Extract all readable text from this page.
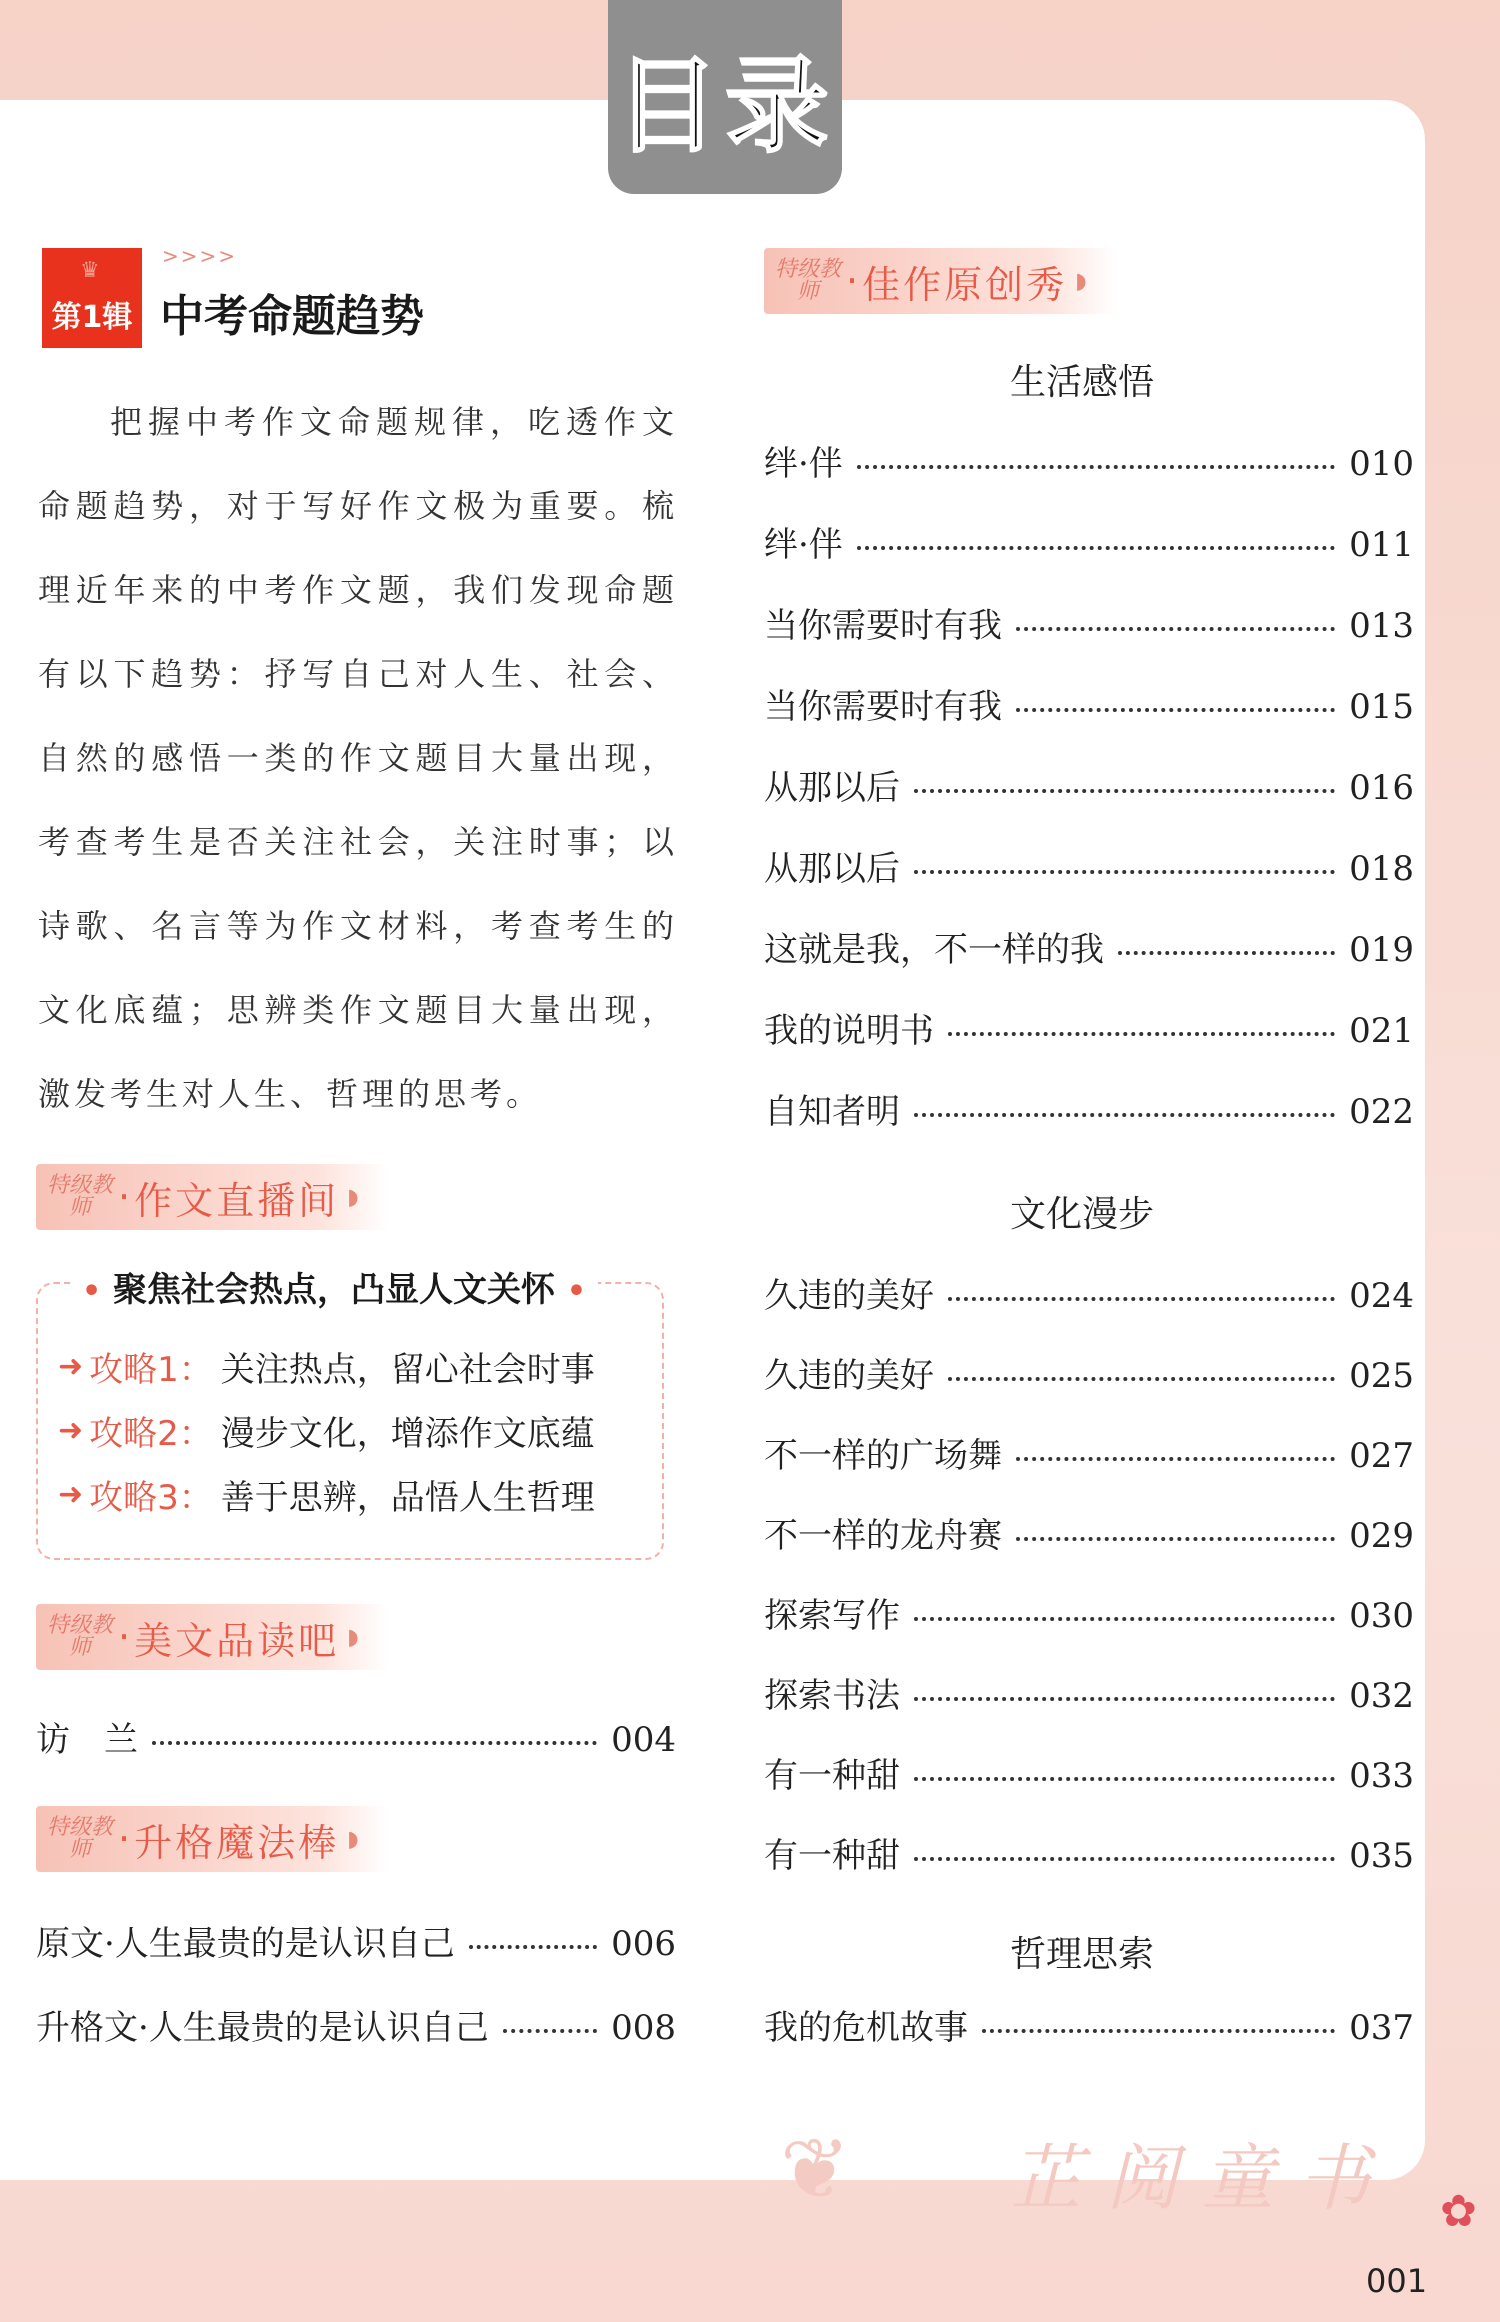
目录
♛
第1辑
>>>>
中考命题趋势
把握中考作文命题规律，吃透作文命题趋势，对于写好作文极为重要。梳理近年来的中考作文题，我们发现命题有以下趋势：抒写自己对人生、社会、自然的感悟一类的作文题目大量出现，考查考生是否关注社会，关注时事；以诗歌、名言等为作文材料，考查考生的文化底蕴；思辨类作文题目大量出现，激发考生对人生、哲理的思考。
特级教师 · 作文直播间 ◗
• 聚焦社会热点，凸显人文关怀 •
➜ 攻略1： 关注热点，留心社会时事
➜ 攻略2： 漫步文化，增添作文底蕴
➜ 攻略3： 善于思辨，品悟人生哲理
特级教师 · 美文品读吧 ◗
访　兰	004
特级教师 · 升格魔法棒 ◗
原文·人生最贵的是认识自己	006
升格文·人生最贵的是认识自己	008
特级教师 · 佳作原创秀 ◗
生活感悟
绊·伴	010
绊·伴	011
当你需要时有我	013
当你需要时有我	015
从那以后	016
从那以后	018
这就是我，不一样的我	019
我的说明书	021
自知者明	022
文化漫步
久违的美好	024
久违的美好	025
不一样的广场舞	027
不一样的龙舟赛	029
探索写作	030
探索书法	032
有一种甜	033
有一种甜	035
哲理思索
我的危机故事	037
❦ 芷阅童书 ✿
001
